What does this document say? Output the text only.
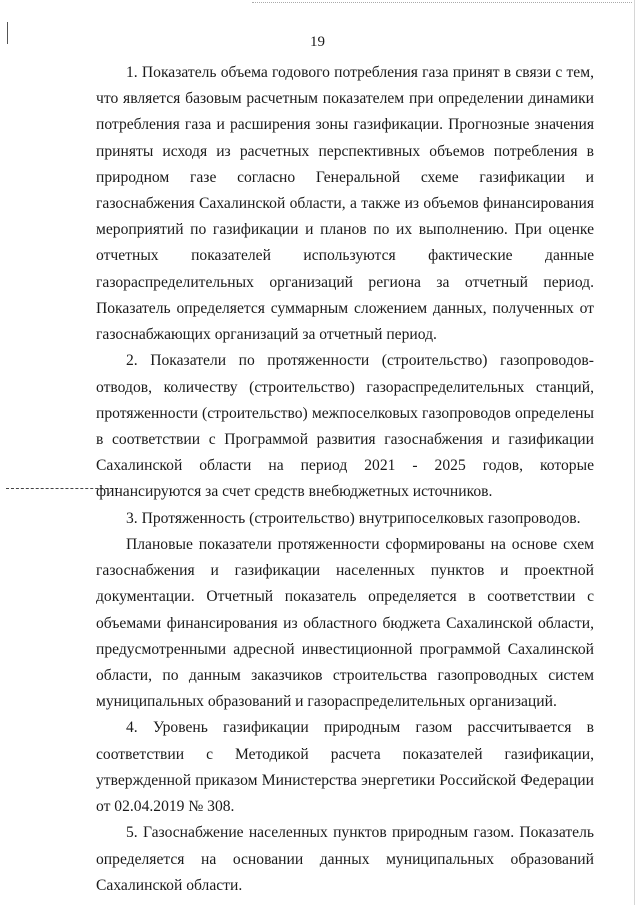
19

1. Показатель объема годового потребления газа принят в связи с тем, что является базовым расчетным показателем при определении динамики потребления газа и расширения зоны газификации. Прогнозные значения приняты исходя из расчетных перспективных объемов потребления в природном газе согласно Генеральной схеме газификации и газоснабжения Сахалинской области, а также из объемов финансирования мероприятий по газификации и планов по их выполнению. При оценке отчетных показателей используются фактические данные газораспределительных организаций региона за отчетный период. Показатель определяется суммарным сложением данных, полученных от газоснабжающих организаций за отчетный период.

2. Показатели по протяженности (строительство) газопроводов-отводов, количеству (строительство) газораспределительных станций, протяженности (строительство) межпоселковых газопроводов определены в соответствии с Программой развития газоснабжения и газификации Сахалинской области на период 2021 - 2025 годов, которые финансируются за счет средств внебюджетных источников.

3. Протяженность (строительство) внутрипоселковых газопроводов.

Плановые показатели протяженности сформированы на основе схем газоснабжения и газификации населенных пунктов и проектной документации. Отчетный показатель определяется в соответствии с объемами финансирования из областного бюджета Сахалинской области, предусмотренными адресной инвестиционной программой Сахалинской области, по данным заказчиков строительства газопроводных систем муниципальных образований и газораспределительных организаций.

4. Уровень газификации природным газом рассчитывается в соответствии с Методикой расчета показателей газификации, утвержденной приказом Министерства энергетики Российской Федерации от 02.04.2019 № 308.

5. Газоснабжение населенных пунктов природным газом. Показатель определяется на основании данных муниципальных образований Сахалинской области.
